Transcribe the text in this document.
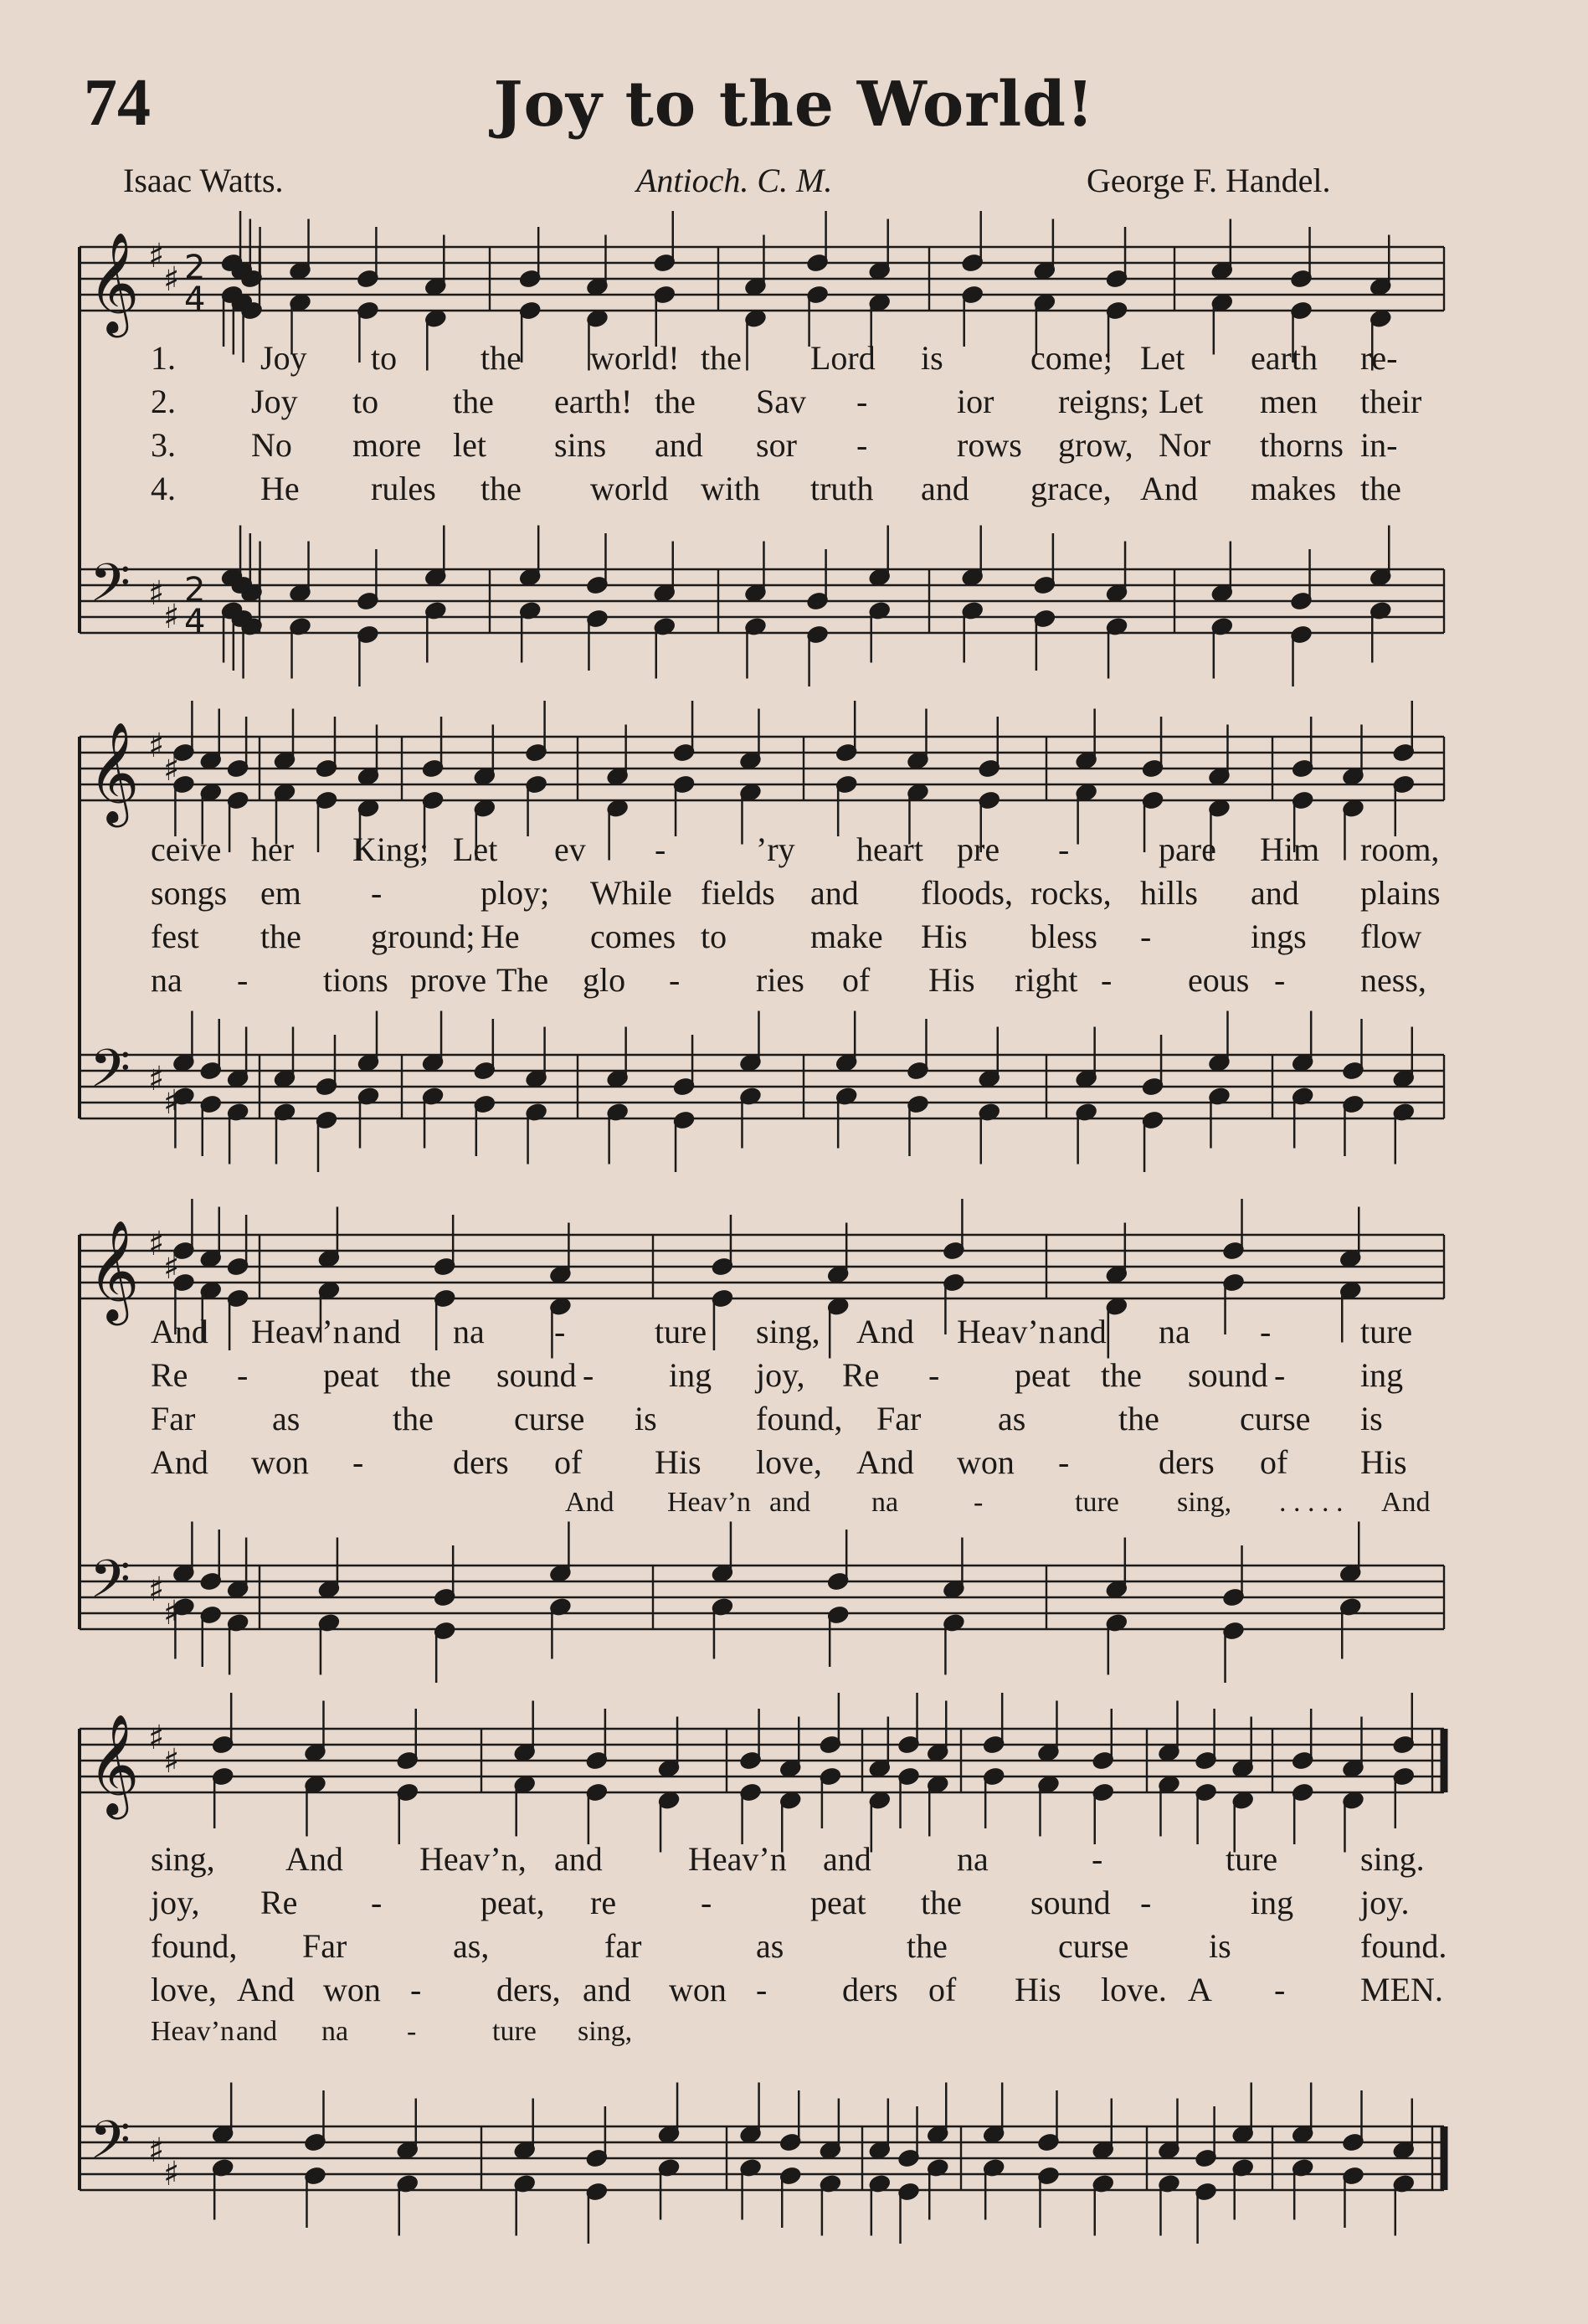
74	Joy to the World!
Isaac Watts.	Antioch. C. M.	George F. Handel.
𝄞
𝄢
♯
♯
♯
♯
2
4
2
4
𝄞
𝄢
♯
♯
♯
♯
𝄞
𝄢
♯
♯
♯
♯
𝄞
𝄢
♯
♯
♯
♯
1.	Joy to the world! the Lord is	come; Let earth re-
2. Joy to the earth! the Sav -	ior reigns; Let men their
3. No more let sins and sor -	rows grow, Nor thorns in-
4.	He rules the world with truth and grace, And makes the
ceive her King; Let ev -	’ry heart pre -	pare Him room,
songs em -	ploy; While fields and floods, rocks, hills and plains
fest the ground; He comes to make His bless -	ings flow
na - tions prove The glo - ries of His right - eous - ness,
And Heav’n and na -	ture sing, And Heav’n and na -	ture
Re - peat the sound - ing joy, Re - peat the sound - ing
Far as	the curse is	found, Far as	the curse is
And won -	ders of His love, And won -	ders of His
And Heav’n and na	-	ture sing, . . . . . And
sing, And Heav’n, and	Heav’n and	na	-	ture sing.
joy, Re -	peat, re	-	peat the sound -	ing joy.
found, Far	as,	far	as	the	curse is	found.
love, And won - ders, and won - ders of His love. A - MEN.
Heav’n and na -	ture sing,
